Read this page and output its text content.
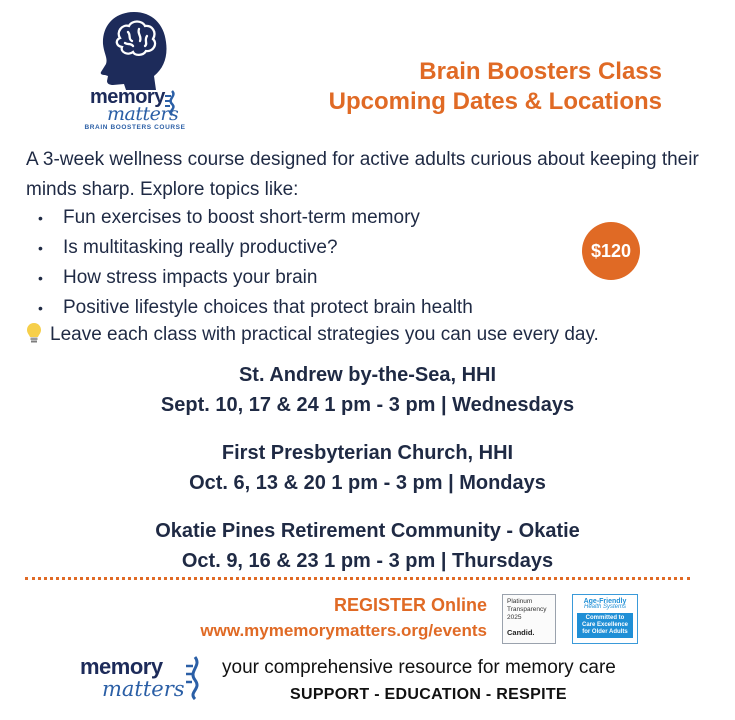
memory
matters
BRAIN BOOSTERS COURSE
Brain Boosters Class
Upcoming Dates & Locations
A 3-week wellness course designed for active adults curious about keeping their minds sharp. Explore topics like:
• Fun exercises to boost short-term memory
• Is multitasking really productive?
• How stress impacts your brain
• Positive lifestyle choices that protect brain health
Leave each class with practical strategies you can use every day.
$120
St. Andrew by-the-Sea, HHI
Sept. 10, 17 & 24 1 pm - 3 pm | Wednesdays
First Presbyterian Church, HHI
Oct. 6, 13 & 20 1 pm - 3 pm | Mondays
Okatie Pines Retirement Community - Okatie
Oct. 9, 16 & 23 1 pm - 3 pm | Thursdays
REGISTER Online
www.mymemorymatters.org/events
Platinum
Transparency
2025
Candid.
Age-Friendly
Health Systems
Committed to
Care Excellence
for Older Adults
memory
matters
your comprehensive resource for memory care
SUPPORT - EDUCATION - RESPITE
